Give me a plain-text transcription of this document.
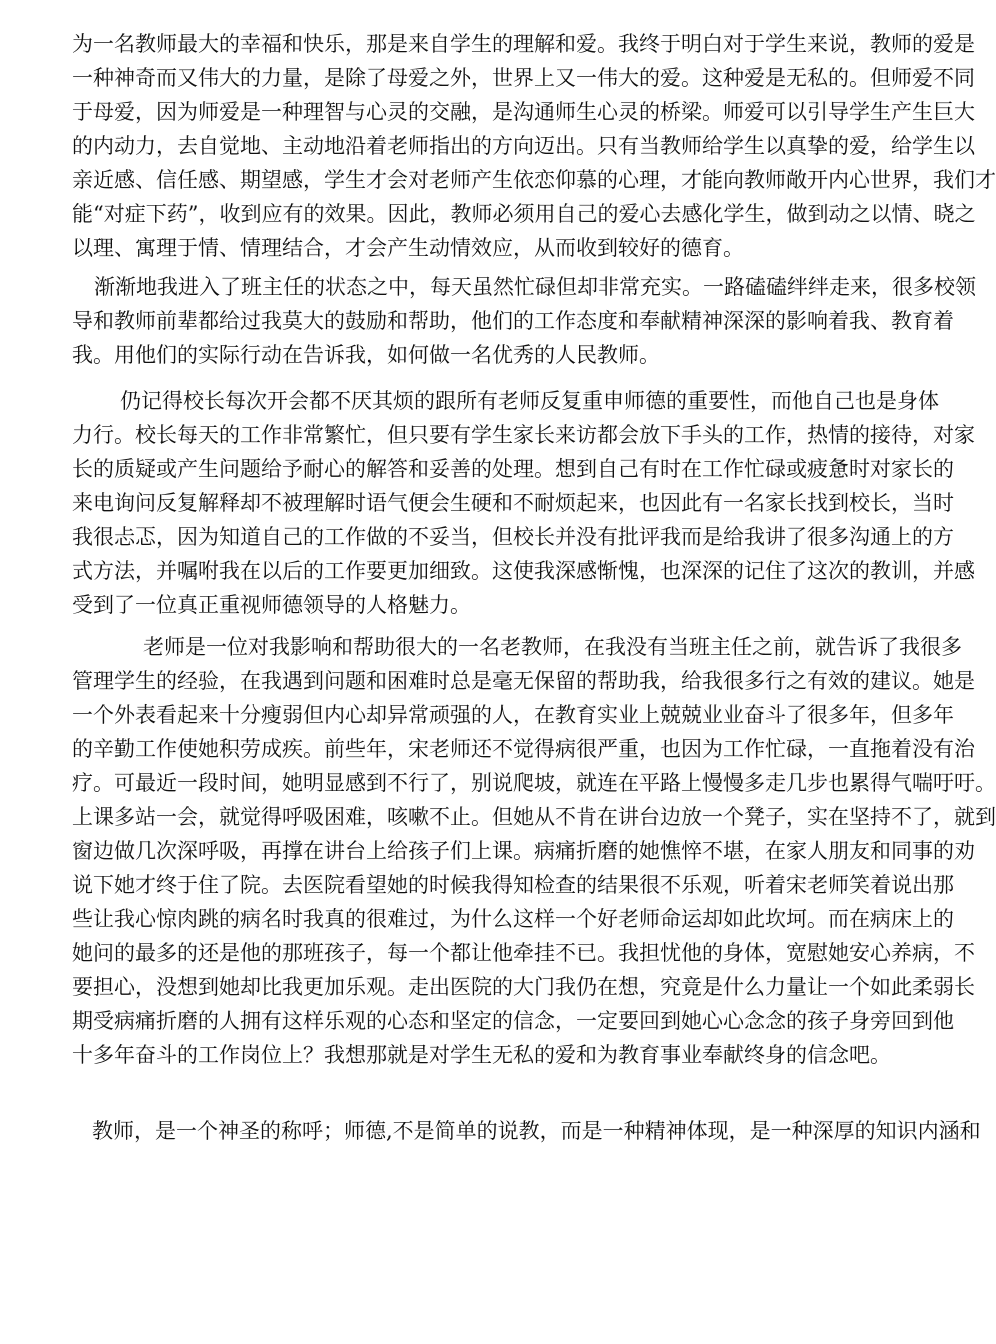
为一名教师最大的幸福和快乐，那是来自学生的理解和爱。我终于明白对于学生来说，教师的爱是
一种神奇而又伟大的力量，是除了母爱之外，世界上又一伟大的爱。这种爱是无私的。但师爱不同
于母爱，因为师爱是一种理智与心灵的交融，是沟通师生心灵的桥梁。师爱可以引导学生产生巨大
的内动力，去自觉地、主动地沿着老师指出的方向迈出。只有当教师给学生以真挚的爱，给学生以
亲近感、信任感、期望感，学生才会对老师产生依恋仰慕的心理，才能向教师敞开内心世界，我们才
能“对症下药”，收到应有的效果。因此，教师必须用自己的爱心去感化学生，做到动之以情、晓之
以理、寓理于情、情理结合，才会产生动情效应，从而收到较好的德育。
渐渐地我进入了班主任的状态之中，每天虽然忙碌但却非常充实。一路磕磕绊绊走来，很多校领
导和教师前辈都给过我莫大的鼓励和帮助，他们的工作态度和奉献精神深深的影响着我、教育着
我。用他们的实际行动在告诉我，如何做一名优秀的人民教师。
仍记得校长每次开会都不厌其烦的跟所有老师反复重申师德的重要性，而他自己也是身体
力行。校长每天的工作非常繁忙，但只要有学生家长来访都会放下手头的工作，热情的接待，对家
长的质疑或产生问题给予耐心的解答和妥善的处理。想到自己有时在工作忙碌或疲惫时对家长的
来电询问反复解释却不被理解时语气便会生硬和不耐烦起来，也因此有一名家长找到校长，当时
我很忐忑，因为知道自己的工作做的不妥当，但校长并没有批评我而是给我讲了很多沟通上的方
式方法，并嘱咐我在以后的工作要更加细致。这使我深感惭愧，也深深的记住了这次的教训，并感
受到了一位真正重视师德领导的人格魅力。
老师是一位对我影响和帮助很大的一名老教师，在我没有当班主任之前，就告诉了我很多
管理学生的经验，在我遇到问题和困难时总是毫无保留的帮助我，给我很多行之有效的建议。她是
一个外表看起来十分瘦弱但内心却异常顽强的人，在教育实业上兢兢业业奋斗了很多年，但多年
的辛勤工作使她积劳成疾。前些年，宋老师还不觉得病很严重，也因为工作忙碌，一直拖着没有治
疗。可最近一段时间，她明显感到不行了，别说爬坡，就连在平路上慢慢多走几步也累得气喘吁吁。
上课多站一会，就觉得呼吸困难，咳嗽不止。但她从不肯在讲台边放一个凳子，实在坚持不了，就到
窗边做几次深呼吸，再撑在讲台上给孩子们上课。病痛折磨的她憔悴不堪，在家人朋友和同事的劝
说下她才终于住了院。去医院看望她的时候我得知检查的结果很不乐观，听着宋老师笑着说出那
些让我心惊肉跳的病名时我真的很难过，为什么这样一个好老师命运却如此坎坷。而在病床上的
她问的最多的还是他的那班孩子，每一个都让他牵挂不已。我担忧他的身体，宽慰她安心养病，不
要担心，没想到她却比我更加乐观。走出医院的大门我仍在想，究竟是什么力量让一个如此柔弱长
期受病痛折磨的人拥有这样乐观的心态和坚定的信念，一定要回到她心心念念的孩子身旁回到他
十多年奋斗的工作岗位上？我想那就是对学生无私的爱和为教育事业奉献终身的信念吧。
教师，是一个神圣的称呼；师德,不是简单的说教，而是一种精神体现，是一种深厚的知识内涵和
